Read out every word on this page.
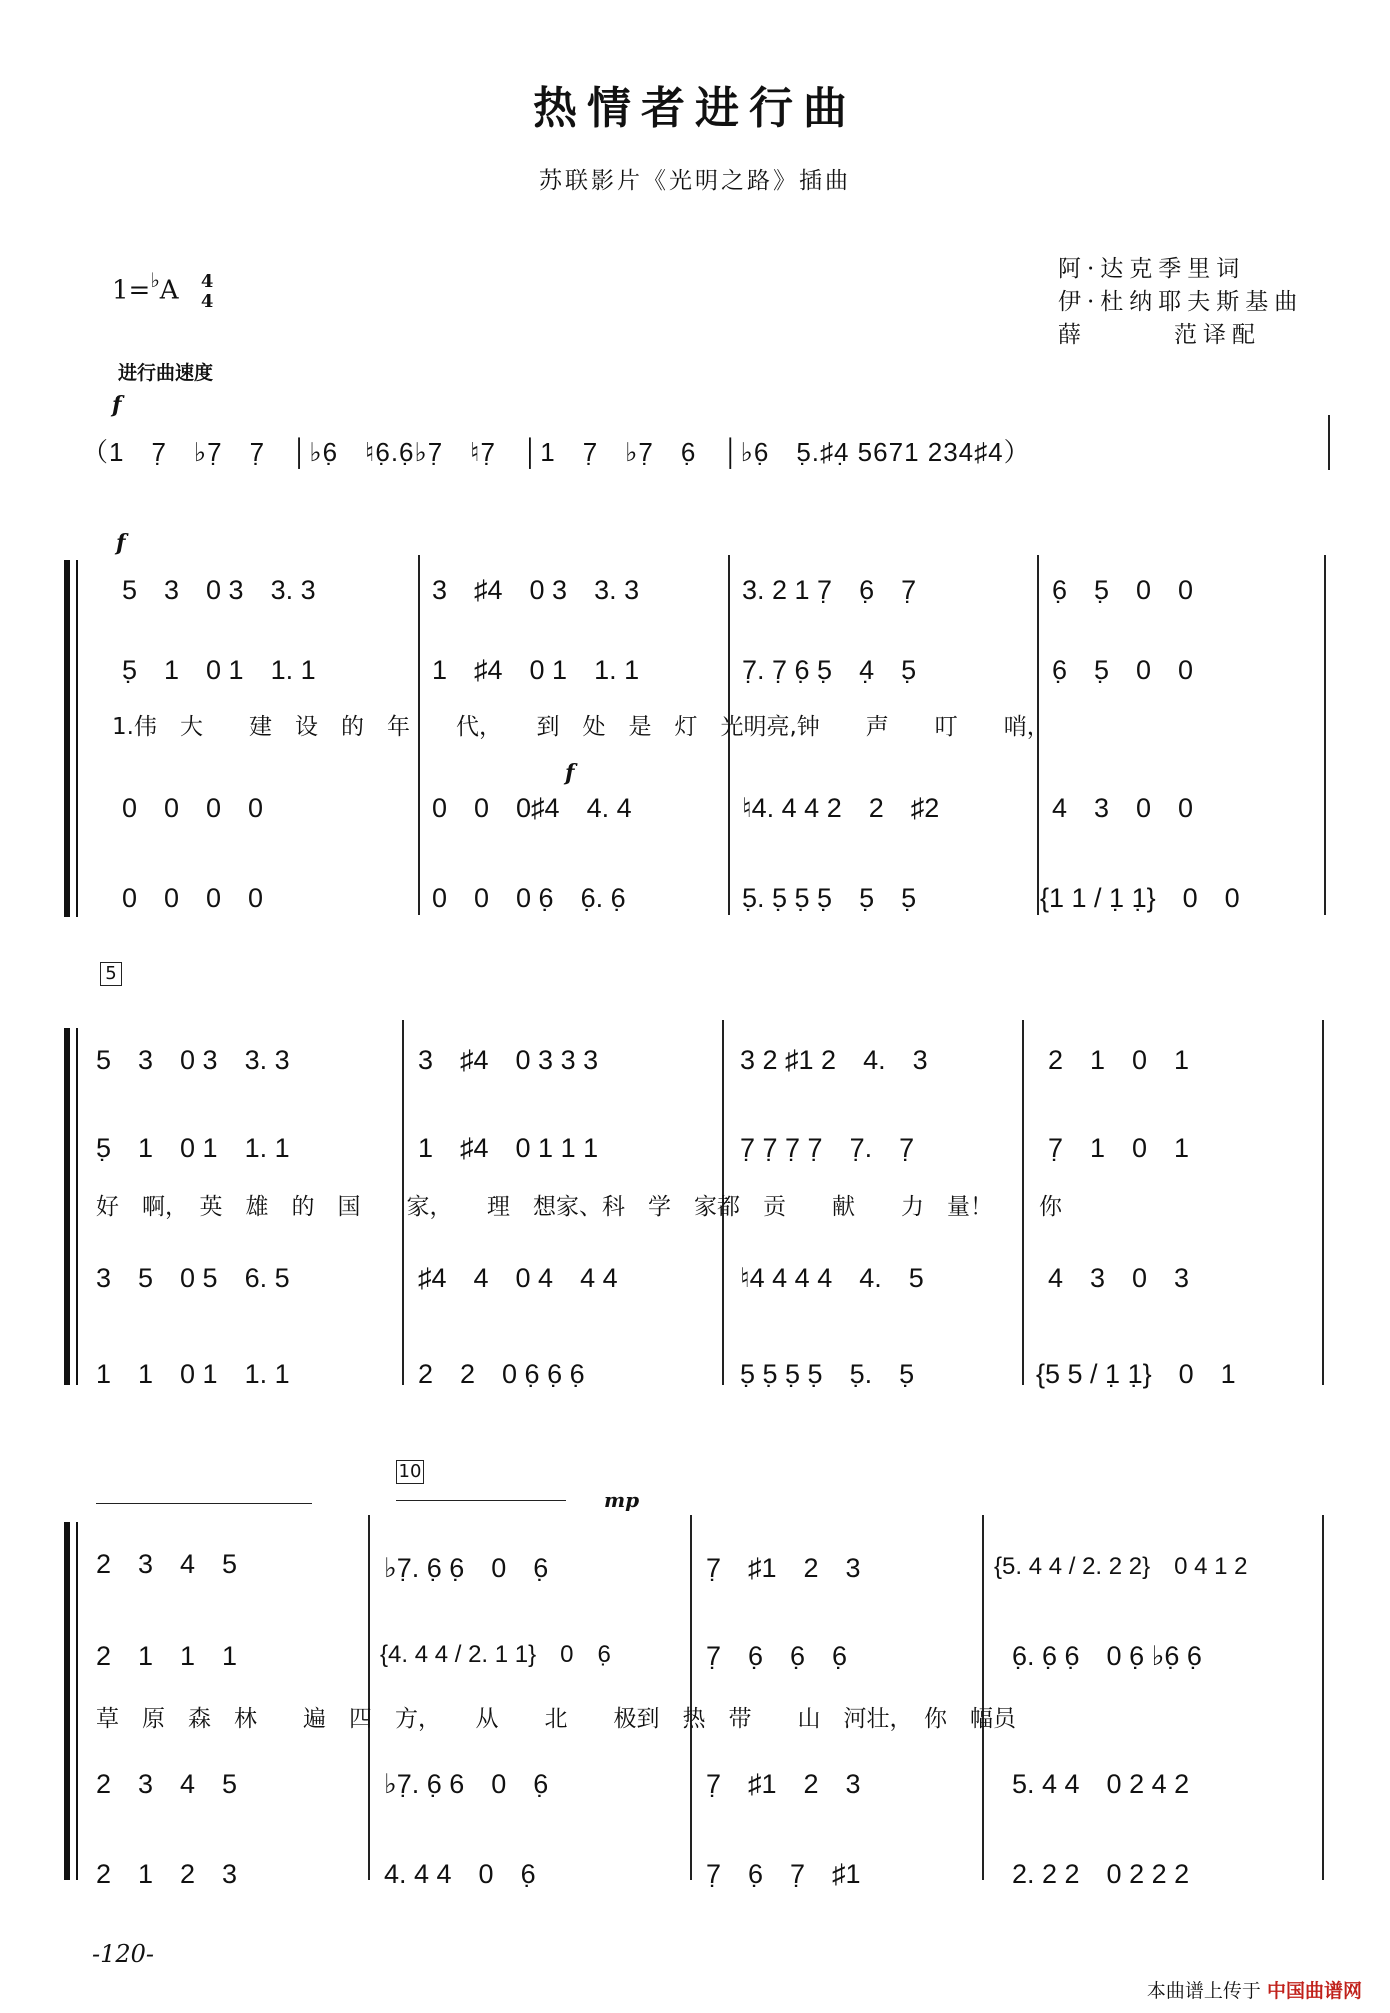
热情者进行曲
苏联影片《光明之路》插曲
阿·达克季里词
伊·杜纳耶夫斯基曲
薛　　　范译配
1=♭A 4
4
进行曲速度
f
（1　7̣　♭7̣　7̣　│♭6̣　♮6̣.6̣♭7̣　♮7̣　│1　7̣　♭7̣　6̣　│♭6̣　5̣.♯4̣ 5671 234♯4）
f
5　3　0 3　3. 3	3　♯4　0 3　3. 3	3. 2 1 7̣　6̣　7̣	6̣　5̣　0　0
5̣　1　0 1　1. 1	1　♯4　0 1　1. 1	7̣. 7̣ 6̣ 5̣　4̣　5̣	6̣　5̣　0　0
1.伟　大　　建　设　的　年　　代，　　到　处　是　灯　光明亮,钟　　声　　叮　　哨，
f
0　0　0　0	0　0　0♯4　4. 4	♮4. 4 4 2　2　♯2	4　3　0　0
0　0　0　0	0　0　0 6̣　6̣. 6̣	5̣. 5̣ 5̣ 5̣　5̣　5̣	{1 1 / 1̣ 1̣}　0　0
5
5　3　0 3　3. 3	3　♯4　0 3 3 3	3 2 ♯1 2　4.　3	2　1　0　1
5̣　1　0 1　1. 1	1　♯4　0 1 1 1	7̣ 7̣ 7̣ 7̣　7̣.　7̣	7̣　1　0　1
好　啊，　英　雄　的　国　　家，　　理　想家、科　学　家都　贡　　献　　力　量！　　你
3　5　0 5　6. 5	♯4　4　0 4　4 4	♮4 4 4 4　4.　5	4　3　0　3
1　1　0 1　1. 1	2　2　0 6̣ 6̣ 6̣	5̣ 5̣ 5̣ 5̣　5̣.　5̣	{5 5 / 1̣ 1̣}　0　1
10
mp
2　3　4　5	♭7̣. 6̣ 6̣　0　6̣	7̣　♯1　2　3	{5. 4 4 / 2. 2 2}　0 4 1 2
2　1　1　1	{4. 4 4 / 2. 1 1}　0　6̣	7̣　6̣　6̣　6̣	6̣. 6̣ 6̣　0 6̣ ♭6̣ 6̣
草　原　森　林　　遍　四　方，　　从　　北　　极到　热　带　　山　河壮，　你　幅员
2　3　4　5	♭7̣. 6̣ 6　0　6̣	7̣　♯1　2　3	5. 4 4　0 2 4 2
2　1　2　3	4. 4 4　0　6̣	7̣　6̣　7̣　♯1	2. 2 2　0 2 2 2
-120-
本曲谱上传于 中国曲谱网
